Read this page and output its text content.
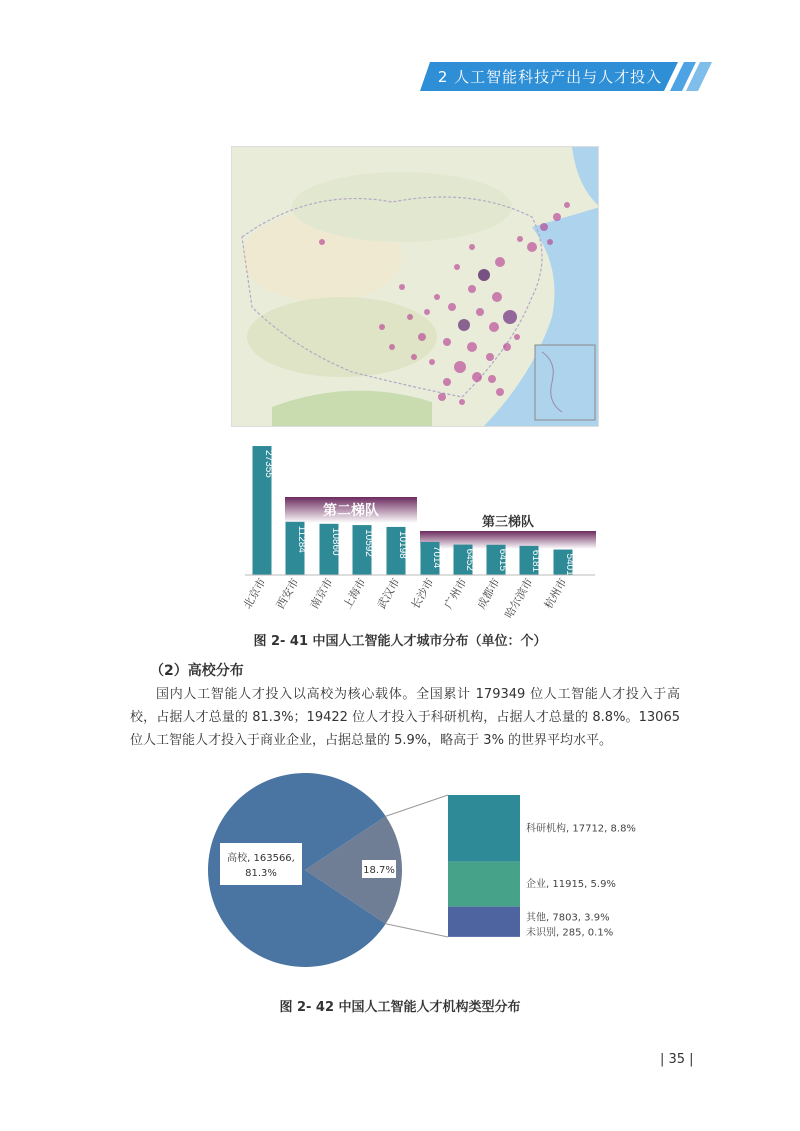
2 人工智能科技产出与人才投入
第二梯队
第三梯队
27355
11284 10860 10592 10198 7014 6452 6415 6181 5401
北京市 西安市 南京市 上海市 武汉市 长沙市 广州市 成都市 哈尔滨市 杭州市
图 2- 41 中国人工智能人才城市分布（单位：个）
（2）高校分布
国内人工智能人才投入以高校为核心载体。全国累计 179349 位人工智能人才投入于高校，占据人才总量的 81.3%；19422 位人才投入于科研机构，占据人才总量的 8.8%。13065 位人工智能人才投入于商业企业，占据总量的 5.9%，略高于 3% 的世界平均水平。
高校, 163566,
81.3%	18.7%
科研机构, 17712, 8.8%
企业, 11915, 5.9%
其他, 7803, 3.9%
未识别, 285, 0.1%
图 2- 42 中国人工智能人才机构类型分布
| 35 |
